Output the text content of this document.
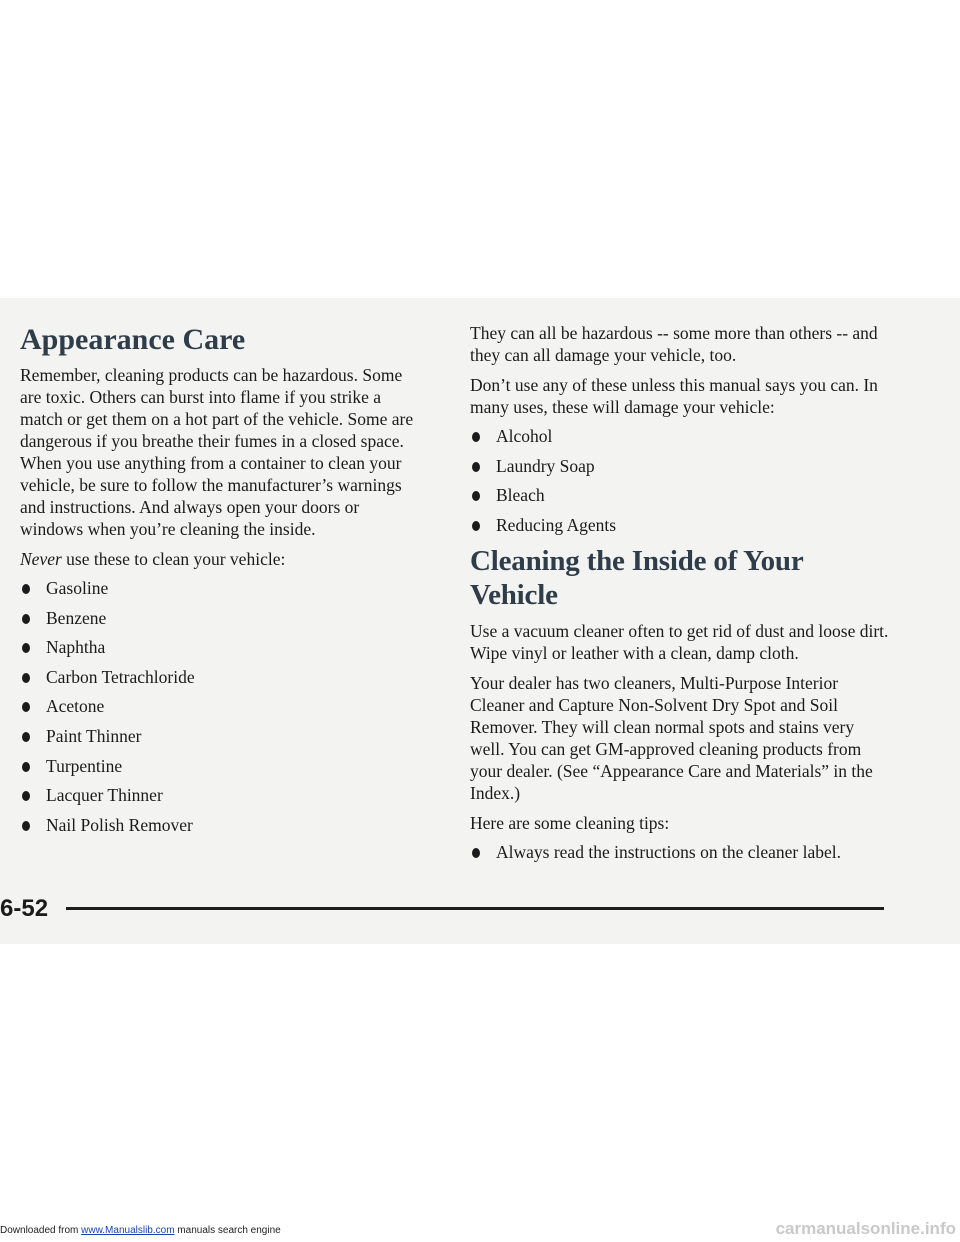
Appearance Care

Remember, cleaning products can be hazardous. Some are toxic. Others can burst into flame if you strike a match or get them on a hot part of the vehicle. Some are dangerous if you breathe their fumes in a closed space. When you use anything from a container to clean your vehicle, be sure to follow the manufacturer’s warnings and instructions. And always open your doors or windows when you’re cleaning the inside.

Never use these to clean your vehicle:

Gasoline
Benzene
Naphtha
Carbon Tetrachloride
Acetone
Paint Thinner
Turpentine
Lacquer Thinner
Nail Polish Remover

They can all be hazardous -- some more than others -- and they can all damage your vehicle, too.

Don’t use any of these unless this manual says you can. In many uses, these will damage your vehicle:

Alcohol
Laundry Soap
Bleach
Reducing Agents
Cleaning the Inside of Your Vehicle

Use a vacuum cleaner often to get rid of dust and loose dirt. Wipe vinyl or leather with a clean, damp cloth.

Your dealer has two cleaners, Multi-Purpose Interior Cleaner and Capture Non-Solvent Dry Spot and Soil Remover. They will clean normal spots and stains very well. You can get GM-approved cleaning products from your dealer. (See “Appearance Care and Materials” in the Index.)

Here are some cleaning tips:

Always read the instructions on the cleaner label.
6-52
Downloaded from www.Manualslib.com manuals search engine	carmanualsonline.info
